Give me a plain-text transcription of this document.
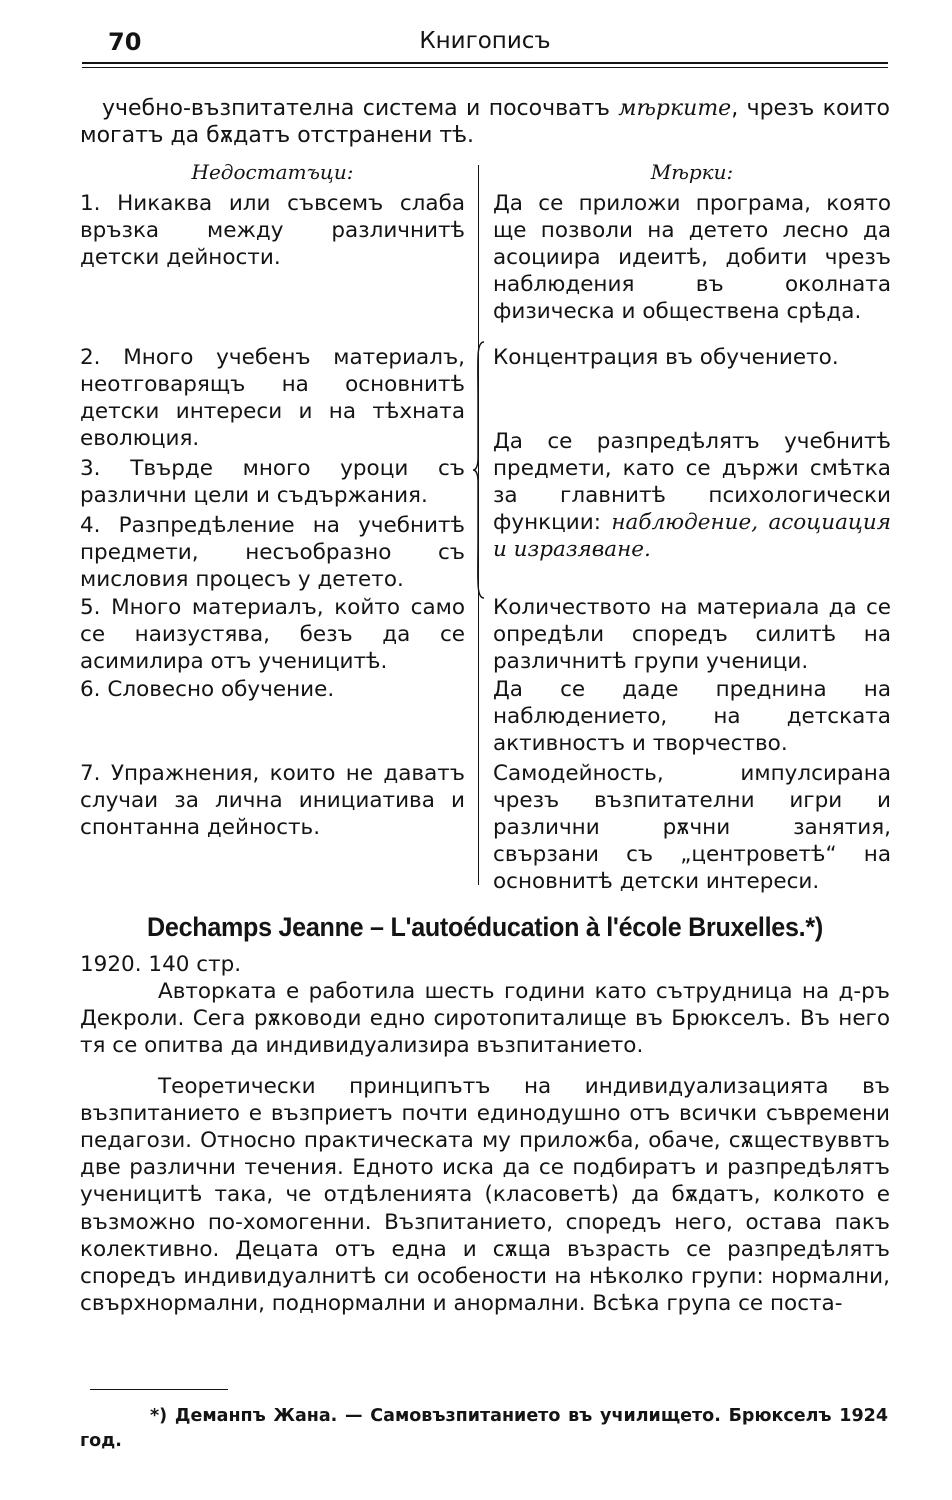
70	Книгописъ

учебно-възпитателна система и посочватъ мѣрките, чрезъ които могатъ да бѫдатъ отстранени тѣ.

Недостатъци:	Мѣрки:

1. Никаква или съвсемъ слаба връзка между различнитѣ детски дейности.

2. Много учебенъ материалъ, неотговарящъ на основнитѣ детски интереси и на тѣхната еволюция.

3. Твърде много уроци съ различни цели и съдържания.

4. Разпредѣление на учебнитѣ предмети, несъобразно съ мисловия процесъ у детето.

5. Много материалъ, който само се наизустява, безъ да се асимилира отъ ученицитѣ.

6. Словесно обучение.

7. Упражнения, които не даватъ случаи за лична инициатива и спонтанна дейность.

Да се приложи програма, която ще позволи на детето лесно да асоциира идеитѣ, добити чрезъ наблюдения въ околната физическа и обществена срѣда.

Концентрация въ обучението.

Да се разпредѣлятъ учебнитѣ предмети, като се държи смѣтка за главнитѣ психологически функции: наблюдение, асоциация и изразяване.

Количеството на материала да се опредѣли споредъ силитѣ на различнитѣ групи ученици.

Да се даде преднина на наблюдението, на детската активностъ и творчество.

Самодейность, импулсирана чрезъ възпитателни игри и различни рѫчни занятия, свързани съ „центроветѣ“ на основнитѣ детски интереси.

Dechamps Jeanne – L'autoéducation à l'école Bruxelles.*)
1920. 140 стр.

Авторката е работила шесть години като сътрудница на д-ръ Декроли. Сега рѫководи едно сиротопиталище въ Брюкселъ. Въ него тя се опитва да индивидуализира възпитанието.

Теоретически принципътъ на индивидуализацията въ възпитанието е възприетъ почти единодушно отъ всички съвремени педагози. Относно практическата му приложба, обаче, сѫществуввтъ две различни течения. Едното иска да се подбиратъ и разпредѣлятъ ученицитѣ така, че отдѣленията (класоветѣ) да бѫдатъ, колкото е възможно по-хомогенни. Възпитанието, споредъ него, остава пакъ колективно. Децата отъ една и сѫща възрасть се разпредѣлятъ споредъ индивидуалнитѣ си особености на нѣколко групи: нормални, свърхнормални, поднормални и анормални. Всѣка група се поста-

*) Деманпъ Жана. — Самовъзпитанието въ училището. Брюкселъ 1924 год.
